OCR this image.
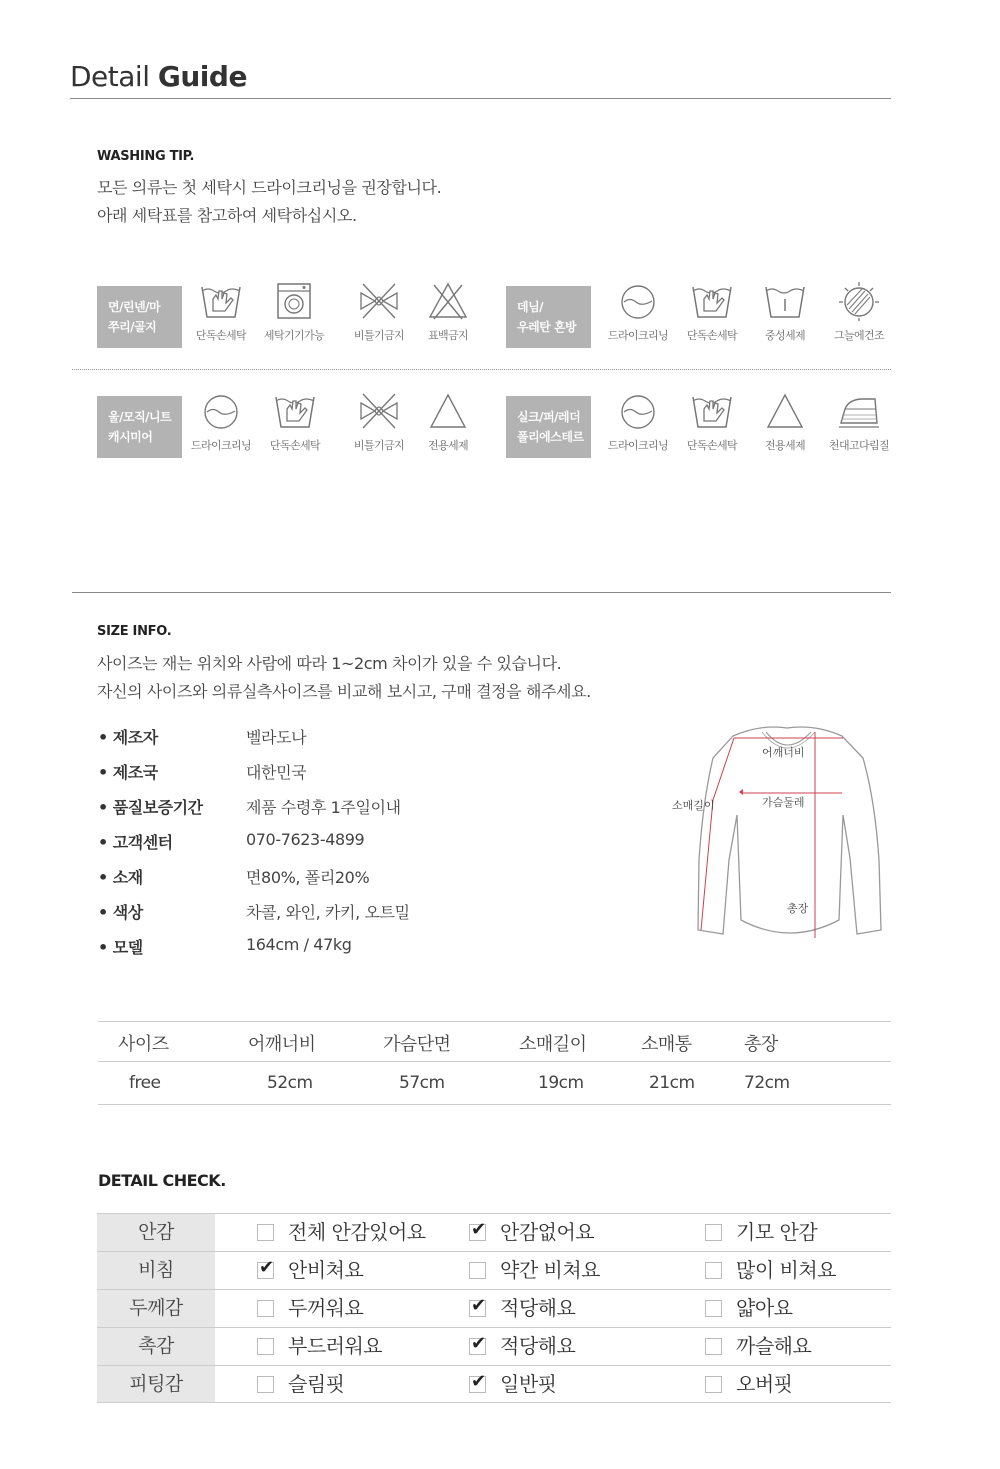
Detail Guide
WASHING TIP.
모든 의류는 첫 세탁시 드라이크리닝을 권장합니다.
아래 세탁표를 참고하여 세탁하십시오.
면/린넨/마
쭈리/골지
단독손세탁	세탁기기가능	비틀기금지	표백금지
데님/
우레탄 혼방
드라이크리닝	단독손세탁	중성세제	그늘에건조
울/모직/니트
캐시미어
드라이크리닝	단독손세탁	비틀기금지	전용세제
실크/퍼/레더
폴리에스테르
드라이크리닝	단독손세탁	전용세제	천대고다림질
SIZE INFO.
사이즈는 재는 위치와 사람에 따라 1~2cm 차이가 있을 수 있습니다.
자신의 사이즈와 의류실측사이즈를 비교해 보시고, 구매 결정을 해주세요.
• 제조자	벨라도나
• 제조국	대한민국
• 품질보증기간	제품 수령후 1주일이내
• 고객센터	070-7623-4899
• 소재	면80%, 폴리20%
• 색상	차콜, 와인, 카키, 오트밀
• 모델	164cm / 47kg
어깨너비
소매길이	가슴둘레
총장
사이즈	어깨너비	가슴단면	소매길이	소매통	총장
free	52cm	57cm	19cm	21cm	72cm
DETAIL CHECK.
안감	전체 안감있어요	✔ 안감없어요	기모 안감
비침	✔ 안비쳐요	약간 비쳐요	많이 비쳐요
두께감	두꺼워요	✔ 적당해요	얇아요
촉감	부드러워요	✔ 적당해요	까슬해요
피팅감	슬림핏	✔ 일반핏	오버핏
